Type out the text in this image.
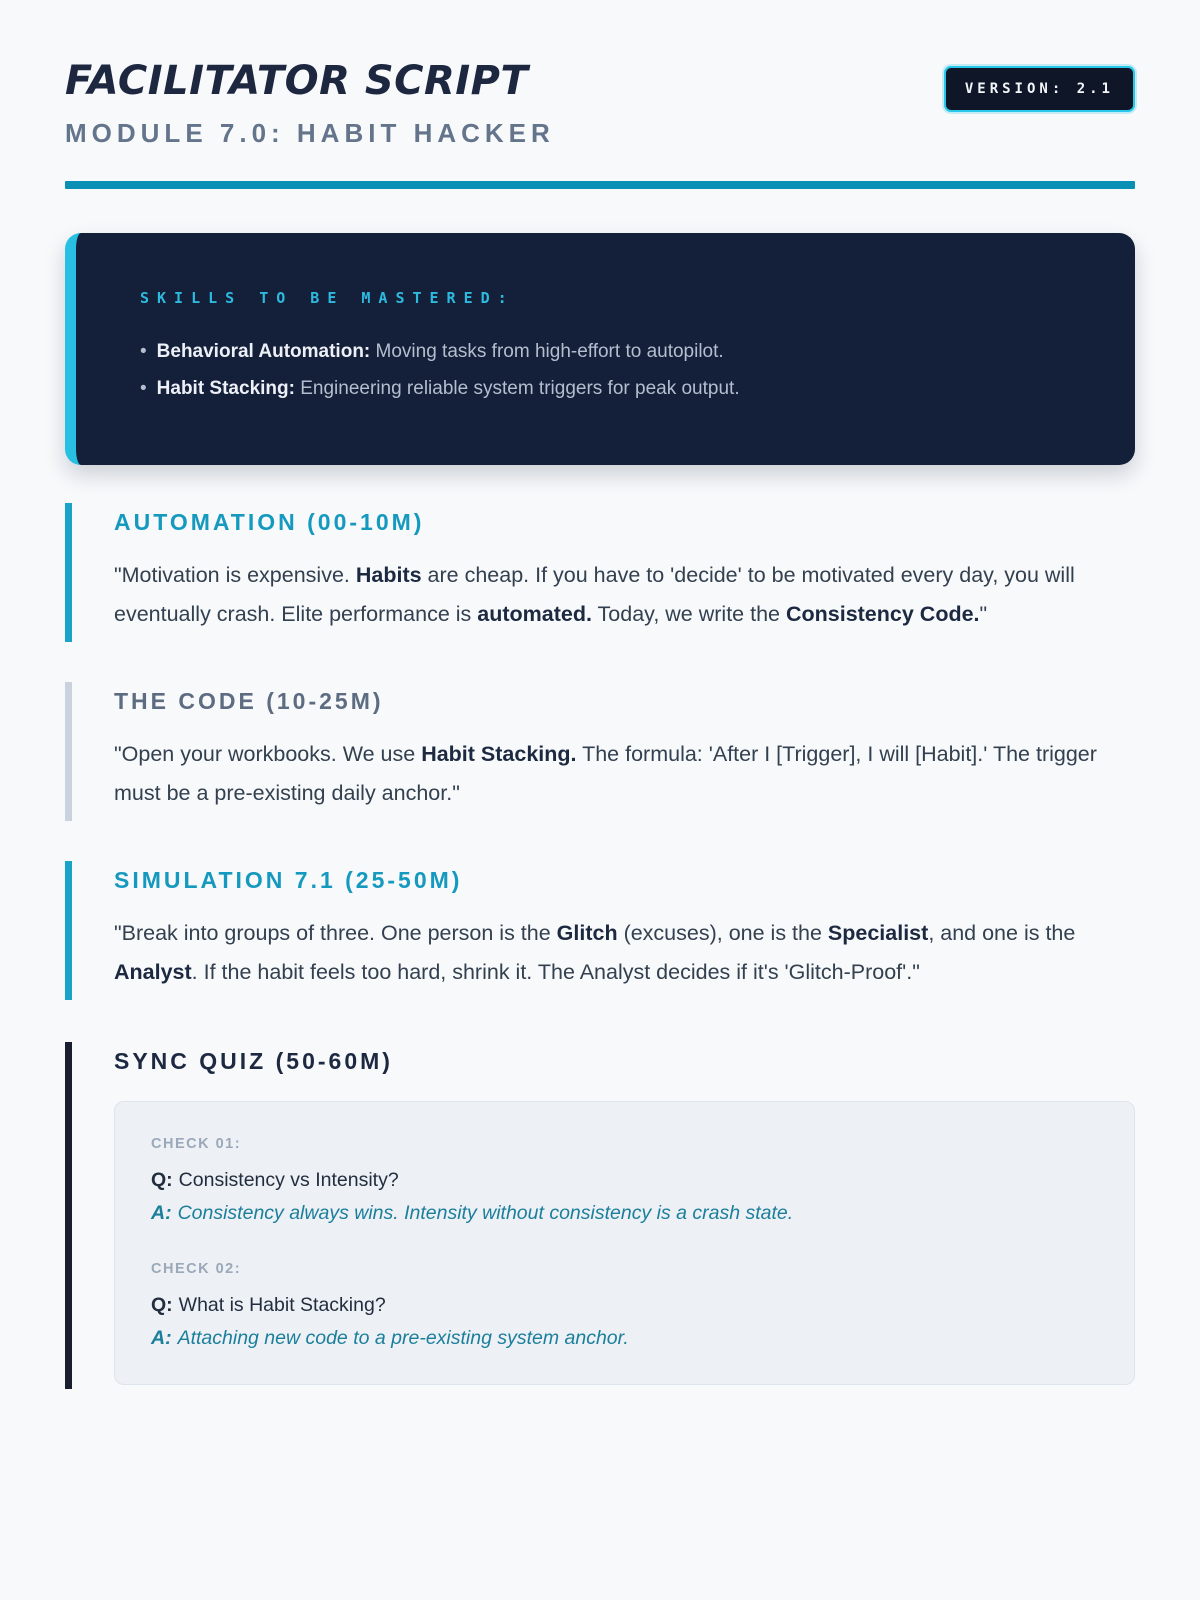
FACILITATOR SCRIPT
MODULE 7.0: HABIT HACKER
VERSION: 2.1
SKILLS TO BE MASTERED:
• Behavioral Automation: Moving tasks from high-effort to autopilot.
• Habit Stacking: Engineering reliable system triggers for peak output.
AUTOMATION (00-10M)
"Motivation is expensive. Habits are cheap. If you have to 'decide' to be motivated every day, you will eventually crash. Elite performance is automated. Today, we write the Consistency Code."
THE CODE (10-25M)
"Open your workbooks. We use Habit Stacking. The formula: 'After I [Trigger], I will [Habit].' The trigger must be a pre-existing daily anchor."
SIMULATION 7.1 (25-50M)
"Break into groups of three. One person is the Glitch (excuses), one is the Specialist, and one is the Analyst. If the habit feels too hard, shrink it. The Analyst decides if it's 'Glitch-Proof'."
SYNC QUIZ (50-60M)
CHECK 01:
Q: Consistency vs Intensity?
A: Consistency always wins. Intensity without consistency is a crash state.
CHECK 02:
Q: What is Habit Stacking?
A: Attaching new code to a pre-existing system anchor.
